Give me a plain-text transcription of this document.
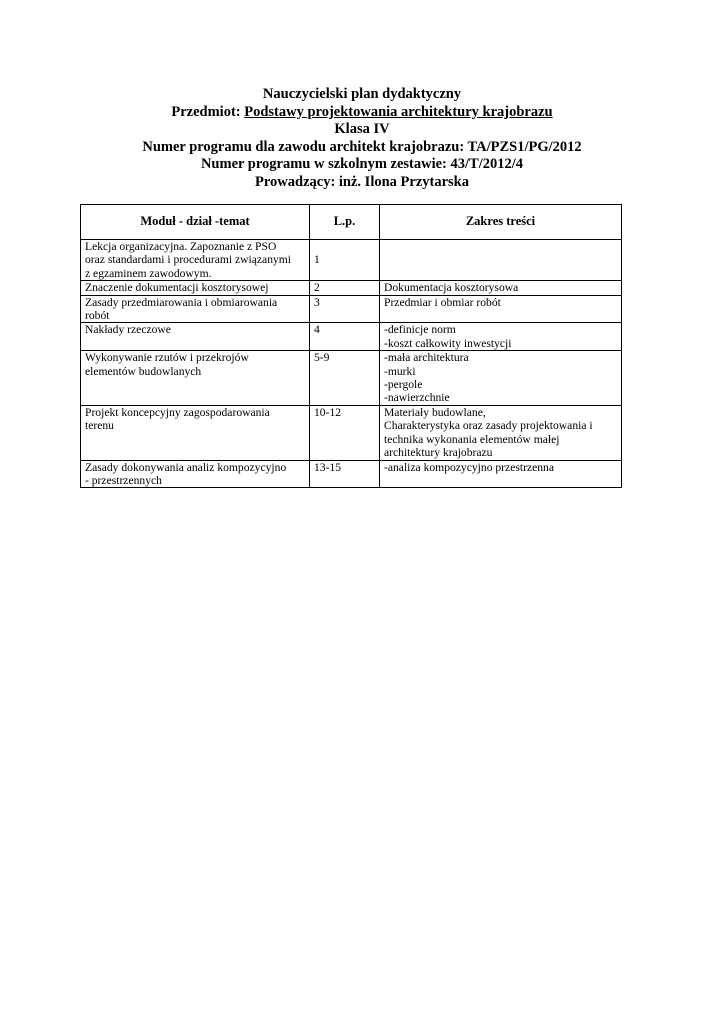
Nauczycielski plan dydaktyczny
Przedmiot: Podstawy projektowania architektury krajobrazu
Klasa IV
Numer programu dla zawodu architekt krajobrazu: TA/PZS1/PG/2012
Numer programu w szkolnym zestawie: 43/T/2012/4
Prowadzący: inż. Ilona Przytarska
Moduł - dział -temat	L.p.	Zakres treści

Lekcja organizacyjna. Zapoznanie z PSO
oraz standardami i procedurami związanymi
z egzaminem zawodowym.	1	

Znaczenie dokumentacji kosztorysowej	2	Dokumentacja kosztorysowa

Zasady przedmiarowania i obmiarowania
robót	3	Przedmiar i obmiar robót

Nakłady rzeczowe	4	-definicje norm
-koszt całkowity inwestycji

Wykonywanie rzutów i przekrojów
elementów budowlanych	5-9	-mała architektura
-murki
-pergole
-nawierzchnie

Projekt koncepcyjny zagospodarowania
terenu	10-12	Materiały budowlane,
Charakterystyka oraz zasady projektowania i
technika wykonania elementów małej
architektury krajobrazu

Zasady dokonywania analiz kompozycyjno
- przestrzennych	13-15	-analiza kompozycyjno przestrzenna
